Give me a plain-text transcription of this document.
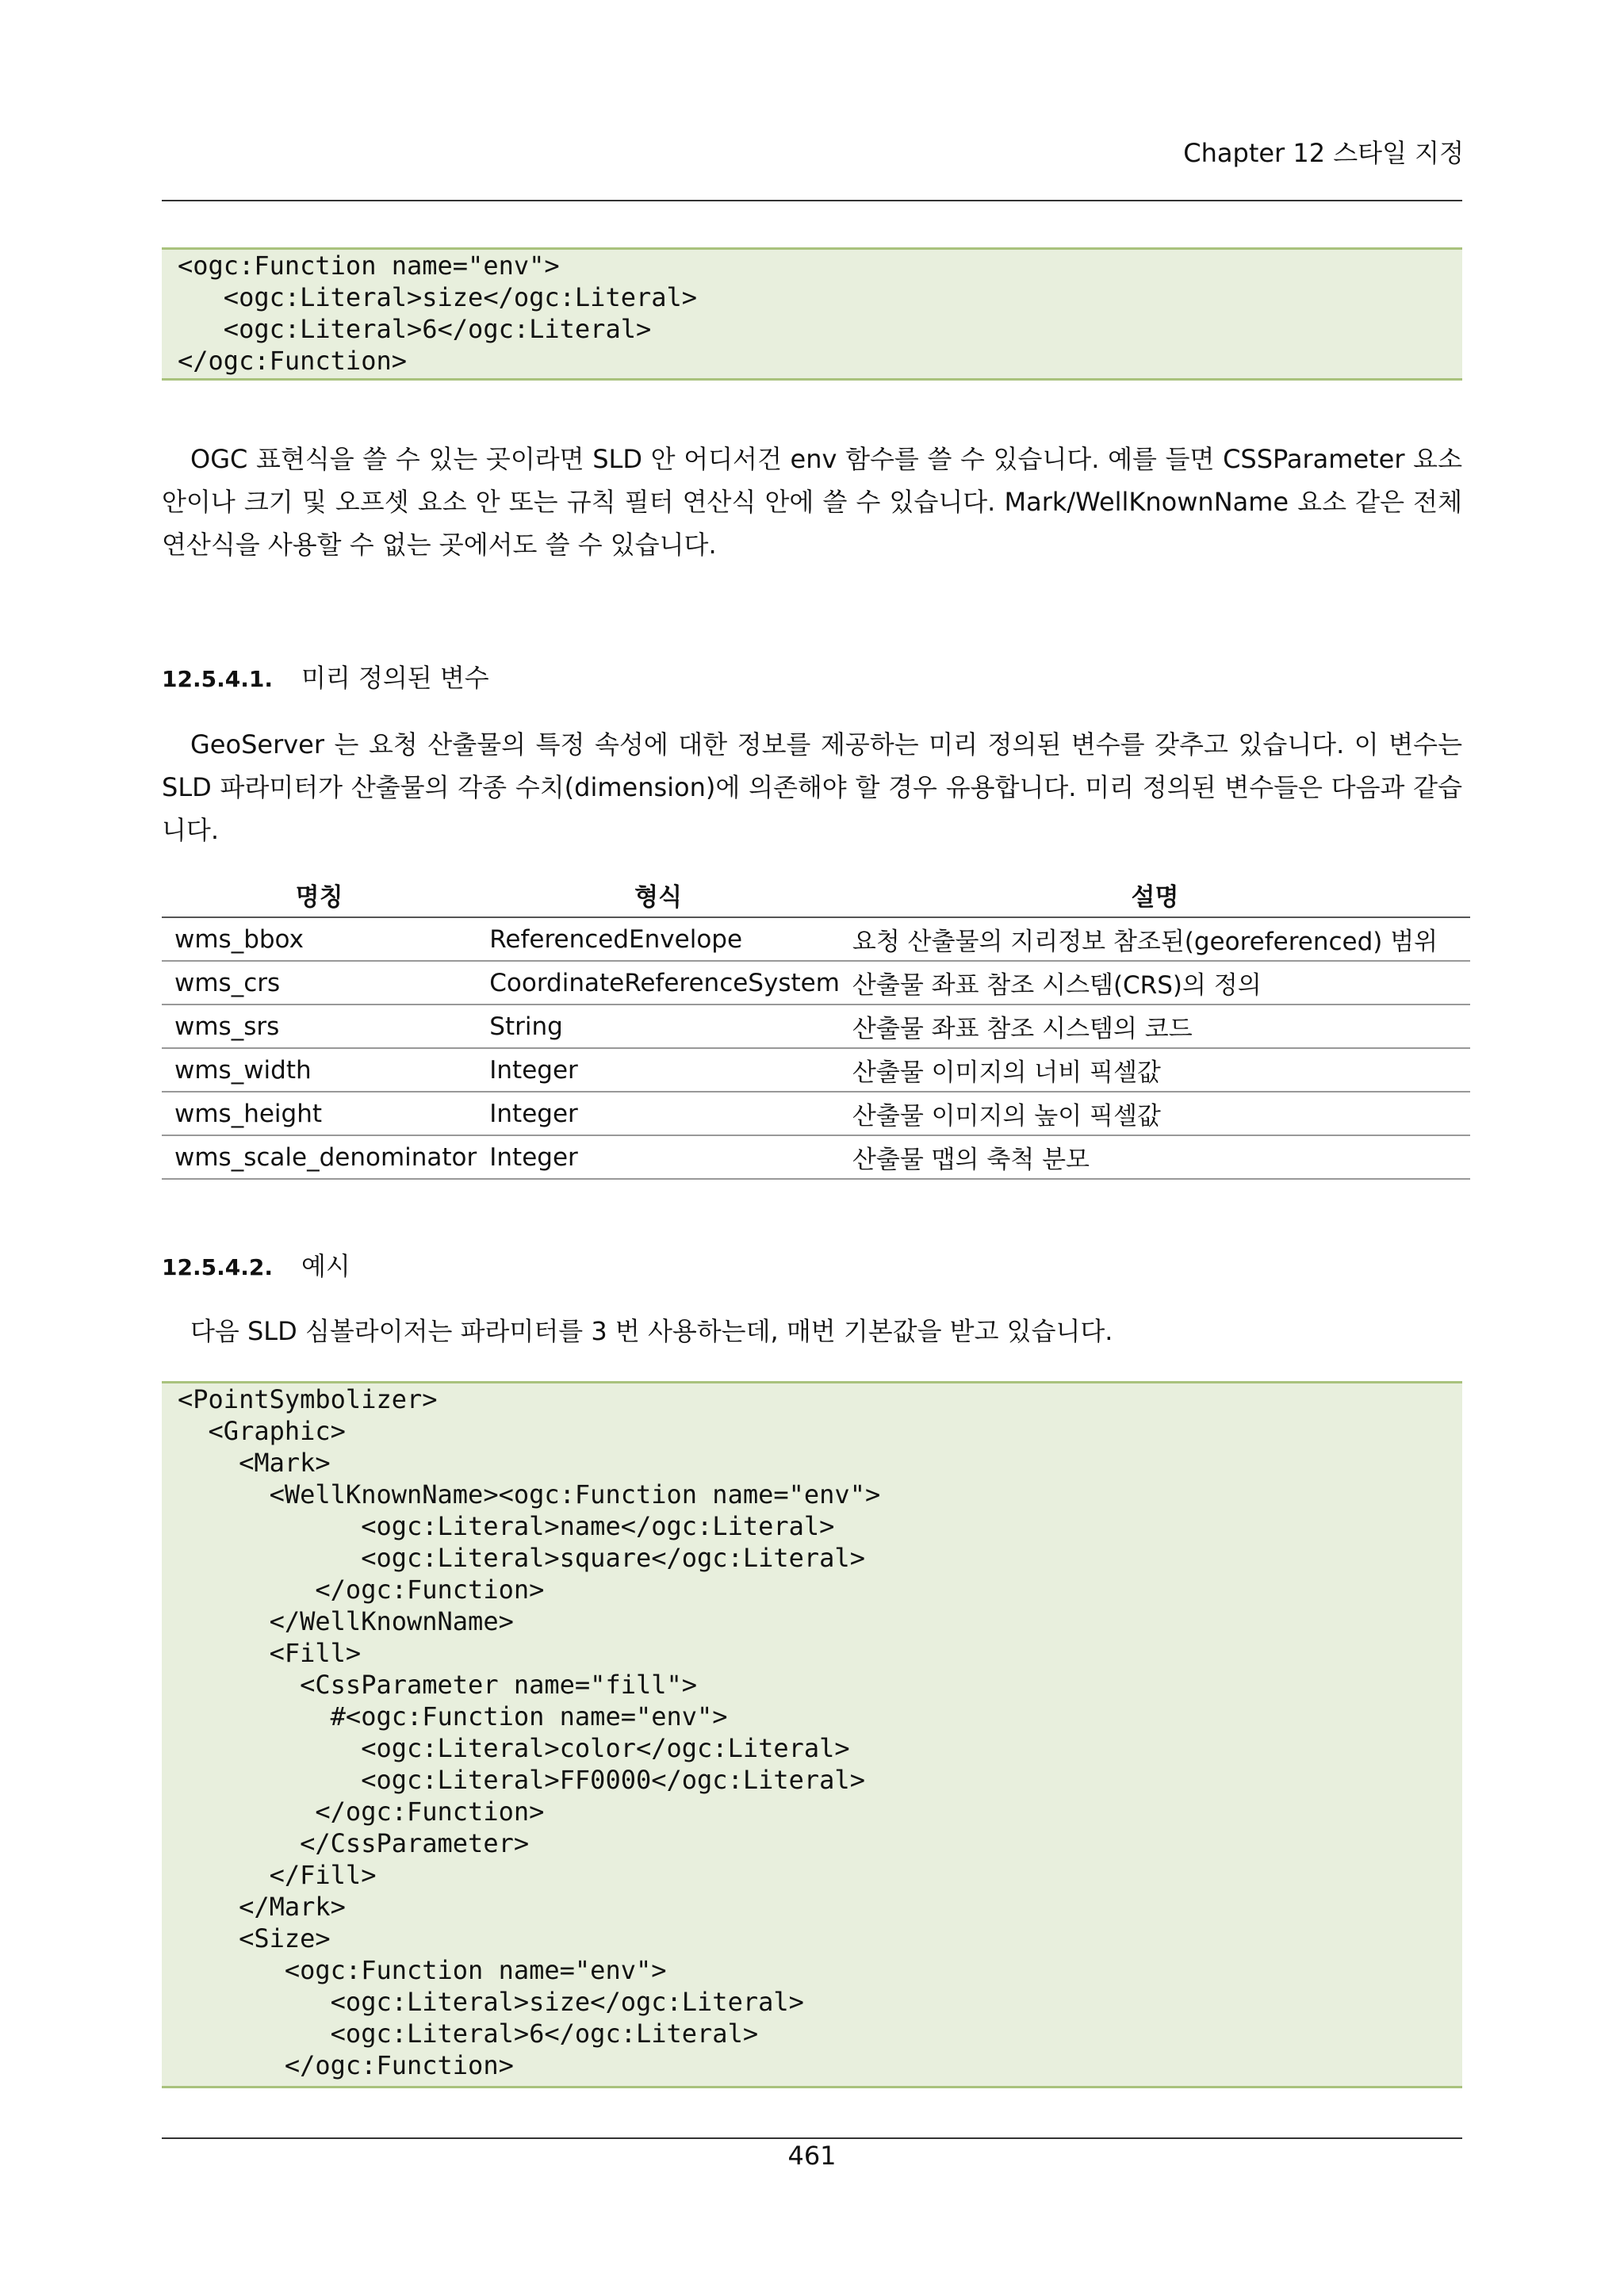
Chapter 12 스타일 지정
<ogc:Function name="env">
<ogc:Literal>size</ogc:Literal>
<ogc:Literal>6</ogc:Literal>
</ogc:Function>
OGC 표현식을 쓸 수 있는 곳이라면 SLD 안 어디서건 env 함수를 쓸 수 있습니다. 예를 들면 CSSParameter 요소 안이나 크기 및 오프셋 요소 안 또는 규칙 필터 연산식 안에 쓸 수 있습니다. Mark/WellKnownName 요소 같은 전체 연산식을 사용할 수 없는 곳에서도 쓸 수 있습니다.
12.5.4.1. 미리 정의된 변수
GeoServer 는 요청 산출물의 특정 속성에 대한 정보를 제공하는 미리 정의된 변수를 갖추고 있습니다. 이 변수는 SLD 파라미터가 산출물의 각종 수치(dimension)에 의존해야 할 경우 유용합니다. 미리 정의된 변수들은 다음과 같습니다.
명칭	형식	설명
wms_bbox	ReferencedEnvelope	요청 산출물의 지리정보 참조된(georeferenced) 범위
wms_crs	CoordinateReferenceSystem	산출물 좌표 참조 시스템(CRS)의 정의
wms_srs	String	산출물 좌표 참조 시스템의 코드
wms_width	Integer	산출물 이미지의 너비 픽셀값
wms_height	Integer	산출물 이미지의 높이 픽셀값
wms_scale_denominator	Integer	산출물 맵의 축척 분모
12.5.4.2. 예시
다음 SLD 심볼라이저는 파라미터를 3 번 사용하는데, 매번 기본값을 받고 있습니다.
<PointSymbolizer>
<Graphic>
<Mark>
<WellKnownName><ogc:Function name="env">
<ogc:Literal>name</ogc:Literal>
<ogc:Literal>square</ogc:Literal>
</ogc:Function>
</WellKnownName>
<Fill>
<CssParameter name="fill">
#<ogc:Function name="env">
<ogc:Literal>color</ogc:Literal>
<ogc:Literal>FF0000</ogc:Literal>
</ogc:Function>
</CssParameter>
</Fill>
</Mark>
<Size>
<ogc:Function name="env">
<ogc:Literal>size</ogc:Literal>
<ogc:Literal>6</ogc:Literal>
</ogc:Function>
461
